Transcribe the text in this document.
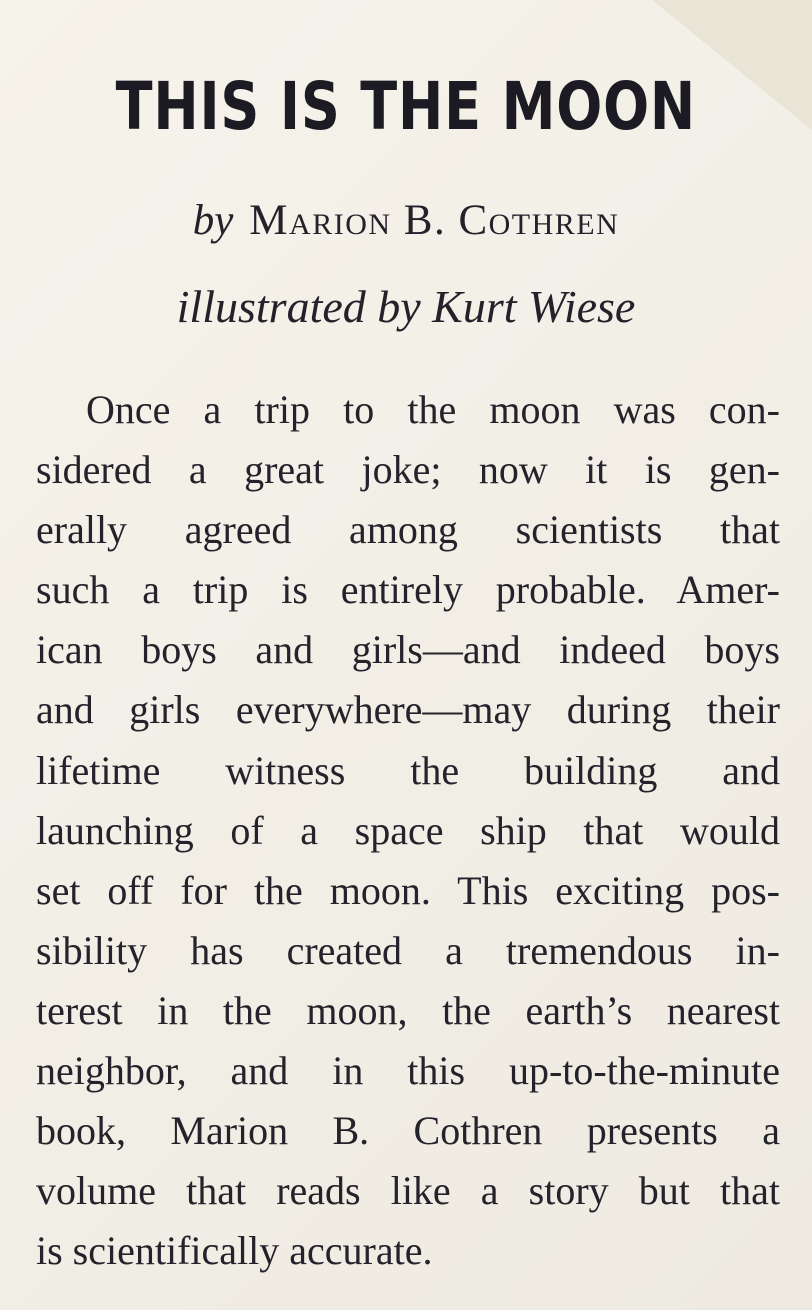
THIS IS THE MOON

by Marion B. Cothren

illustrated by Kurt Wiese

Once a trip to the moon was con-
sidered a great joke; now it is gen-
erally agreed among scientists that
such a trip is entirely probable. Amer-
ican boys and girls—and indeed boys
and girls everywhere—may during their
lifetime witness the building and
launching of a space ship that would
set off for the moon. This exciting pos-
sibility has created a tremendous in-
terest in the moon, the earth’s nearest
neighbor, and in this up-to-the-minute
book, Marion B. Cothren presents a
volume that reads like a story but that
is scientifically accurate.
